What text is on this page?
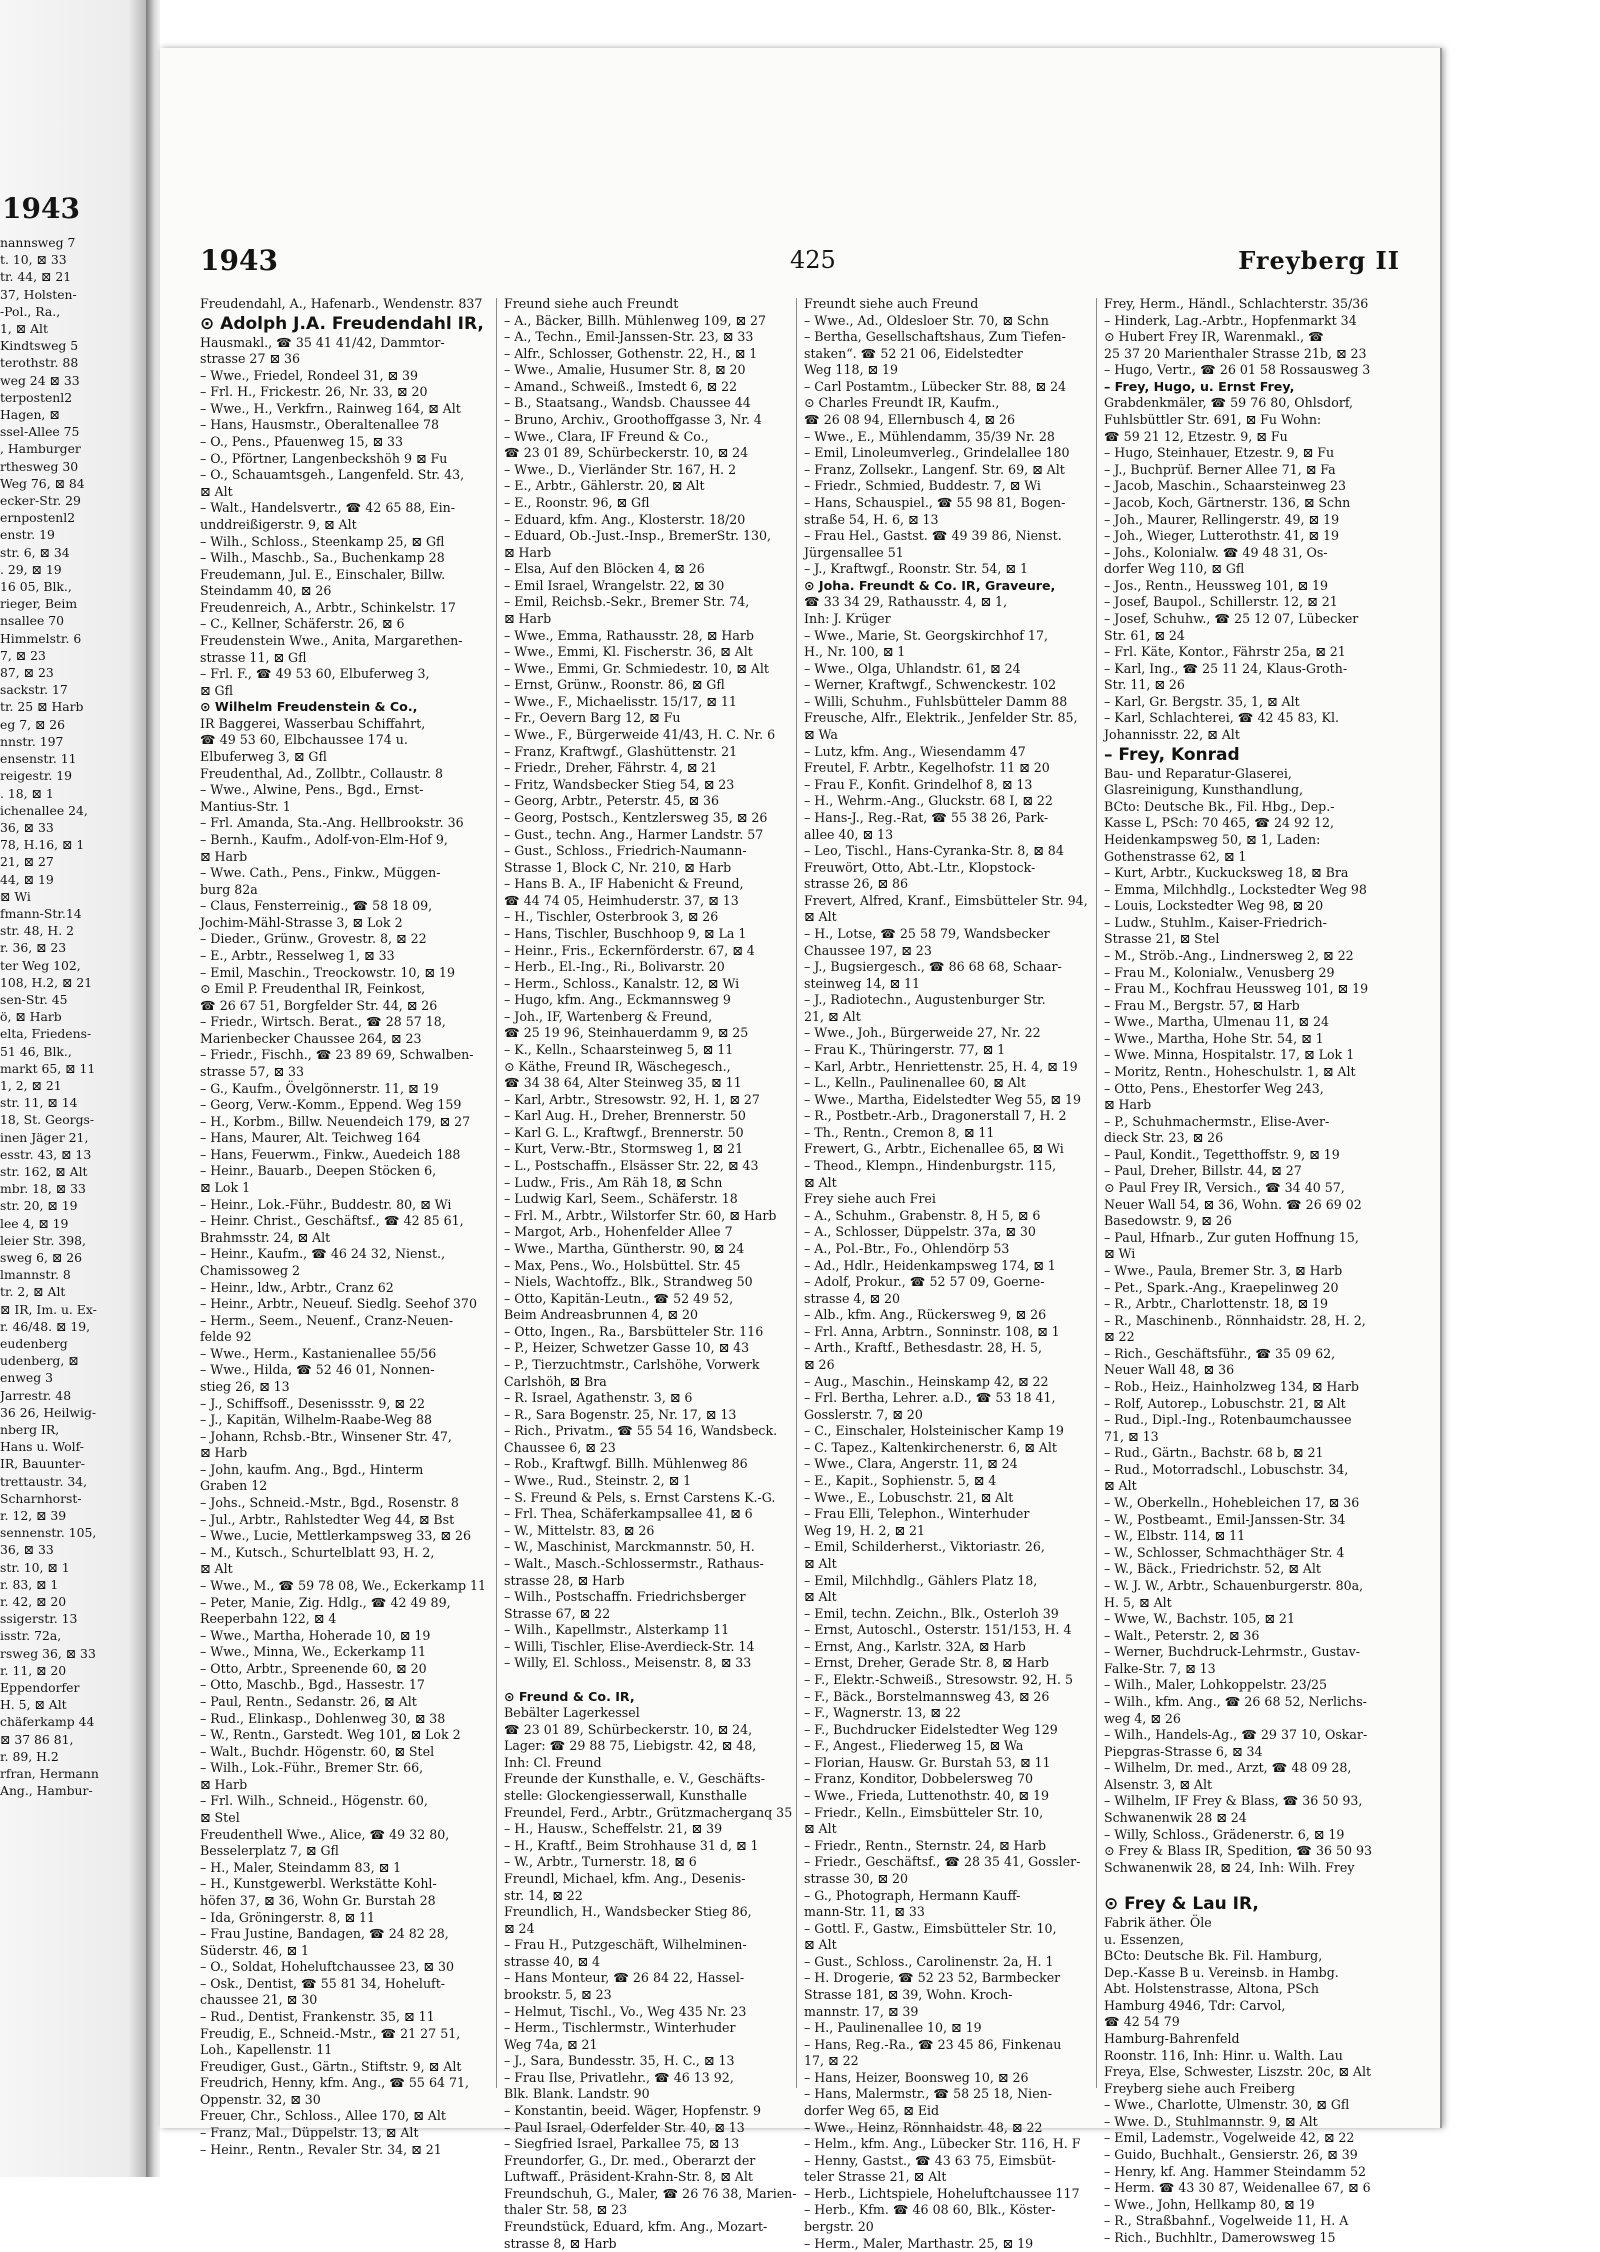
1943
nannsweg 7
t. 10, ⊠ 33
tr. 44, ⊠ 21
37, Holsten-
-Pol., Ra.,
1, ⊠ Alt
Kindtsweg 5
terothstr. 88
weg 24 ⊠ 33
terpostenl2
Hagen, ⊠
ssel-Allee 75
, Hamburger
rthesweg 30
Weg 76, ⊠ 84
ecker-Str. 29
ernpostenl2
enstr. 19
str. 6, ⊠ 34
. 29, ⊠ 19
16 05, Blk.,
rieger, Beim
nsallee 70
Himmelstr. 6
7, ⊠ 23
87, ⊠ 23
sackstr. 17
tr. 25 ⊠ Harb
eg 7, ⊠ 26
nnstr. 197
ensenstr. 11
reigestr. 19
. 18, ⊠ 1
ichenallee 24,
36, ⊠ 33
78, H.16, ⊠ 1
21, ⊠ 27
44, ⊠ 19
⊠ Wi
fmann-Str.14
str. 48, H. 2
r. 36, ⊠ 23
ter Weg 102,
108, H.2, ⊠ 21
sen-Str. 45
ö, ⊠ Harb
elta, Friedens-
51 46, Blk.,
markt 65, ⊠ 11
1, 2, ⊠ 21
str. 11, ⊠ 14
18, St. Georgs-
inen Jäger 21,
esstr. 43, ⊠ 13
str. 162, ⊠ Alt
mbr. 18, ⊠ 33
str. 20, ⊠ 19
lee 4, ⊠ 19
leier Str. 398,
sweg 6, ⊠ 26
lmannstr. 8
tr. 2, ⊠ Alt
⊠ IR, Im. u. Ex-
r. 46/48. ⊠ 19,
eudenberg
udenberg, ⊠
enweg 3
Jarrestr. 48
36 26, Heilwig-
nberg IR,
Hans u. Wolf-
IR, Bauunter-
trettaustr. 34,
Scharnhorst-
r. 12, ⊠ 39
sennenstr. 105,
36, ⊠ 33
str. 10, ⊠ 1
r. 83, ⊠ 1
r. 42, ⊠ 20
ssigerstr. 13
isstr. 72a,
rsweg 36, ⊠ 33
r. 11, ⊠ 20
Eppendorfer
H. 5, ⊠ Alt
chäferkamp 44
⊠ 37 86 81,
r. 89, H.2
rfran, Hermann
Ang., Hambur-
1943	425	Freyberg II
Freudendahl, A., Hafenarb., Wendenstr. 837
⊙ Adolph J.A. Freudendahl IR,
Hausmakl., ☎ 35 41 41/42, Dammtor-
strasse 27 ⊠ 36
– Wwe., Friedel, Rondeel 31, ⊠ 39
– Frl. H., Frickestr. 26, Nr. 33, ⊠ 20
– Wwe., H., Verkfrn., Rainweg 164, ⊠ Alt
– Hans, Hausmstr., Oberaltenallee 78
– O., Pens., Pfauenweg 15, ⊠ 33
– O., Pförtner, Langenbeckshöh 9 ⊠ Fu
– O., Schauamtsgeh., Langenfeld. Str. 43,
⊠ Alt
– Walt., Handelsvertr., ☎ 42 65 88, Ein-
unddreißigerstr. 9, ⊠ Alt
– Wilh., Schloss., Steenkamp 25, ⊠ Gfl
– Wilh., Maschb., Sa., Buchenkamp 28
Freudemann, Jul. E., Einschaler, Billw.
Steindamm 40, ⊠ 26
Freudenreich, A., Arbtr., Schinkelstr. 17
– C., Kellner, Schäferstr. 26, ⊠ 6
Freudenstein Wwe., Anita, Margarethen-
strasse 11, ⊠ Gfl
– Frl. F., ☎ 49 53 60, Elbuferweg 3,
⊠ Gfl
⊙ Wilhelm Freudenstein & Co.,
IR Baggerei, Wasserbau Schiffahrt,
☎ 49 53 60, Elbchaussee 174 u.
Elbuferweg 3, ⊠ Gfl
Freudenthal, Ad., Zollbtr., Collaustr. 8
– Wwe., Alwine, Pens., Bgd., Ernst-
Mantius-Str. 1
– Frl. Amanda, Sta.-Ang. Hellbrookstr. 36
– Bernh., Kaufm., Adolf-von-Elm-Hof 9,
⊠ Harb
– Wwe. Cath., Pens., Finkw., Müggen-
burg 82a
– Claus, Fensterreinig., ☎ 58 18 09,
Jochim-Mähl-Strasse 3, ⊠ Lok 2
– Dieder., Grünw., Grovestr. 8, ⊠ 22
– E., Arbtr., Resselweg 1, ⊠ 33
– Emil, Maschin., Treockowstr. 10, ⊠ 19
⊙ Emil P. Freudenthal IR, Feinkost,
☎ 26 67 51, Borgfelder Str. 44, ⊠ 26
– Friedr., Wirtsch. Berat., ☎ 28 57 18,
Marienbecker Chaussee 264, ⊠ 23
– Friedr., Fischh., ☎ 23 89 69, Schwalben-
strasse 57, ⊠ 33
– G., Kaufm., Övelgönnerstr. 11, ⊠ 19
– Georg, Verw.-Komm., Eppend. Weg 159
– H., Korbm., Billw. Neuendeich 179, ⊠ 27
– Hans, Maurer, Alt. Teichweg 164
– Hans, Feuerwm., Finkw., Auedeich 188
– Heinr., Bauarb., Deepen Stöcken 6,
⊠ Lok 1
– Heinr., Lok.-Führ., Buddestr. 80, ⊠ Wi
– Heinr. Christ., Geschäftsf., ☎ 42 85 61,
Brahmsstr. 24, ⊠ Alt
– Heinr., Kaufm., ☎ 46 24 32, Nienst.,
Chamissoweg 2
– Heinr., ldw., Arbtr., Cranz 62
– Heinr., Arbtr., Neueuf. Siedlg. Seehof 370
– Herm., Seem., Neuenf., Cranz-Neuen-
felde 92
– Wwe., Herm., Kastanienallee 55/56
– Wwe., Hilda, ☎ 52 46 01, Nonnen-
stieg 26, ⊠ 13
– J., Schiffsoff., Desenissstr. 9, ⊠ 22
– J., Kapitän, Wilhelm-Raabe-Weg 88
– Johann, Rchsb.-Btr., Winsener Str. 47,
⊠ Harb
– John, kaufm. Ang., Bgd., Hinterm
Graben 12
– Johs., Schneid.-Mstr., Bgd., Rosenstr. 8
– Jul., Arbtr., Rahlstedter Weg 44, ⊠ Bst
– Wwe., Lucie, Mettlerkampsweg 33, ⊠ 26
– M., Kutsch., Schurtelblatt 93, H. 2,
⊠ Alt
– Wwe., M., ☎ 59 78 08, We., Eckerkamp 11
– Peter, Manie, Zig. Hdlg., ☎ 42 49 89,
Reeperbahn 122, ⊠ 4
– Wwe., Martha, Hoherade 10, ⊠ 19
– Wwe., Minna, We., Eckerkamp 11
– Otto, Arbtr., Spreenende 60, ⊠ 20
– Otto, Maschb., Bgd., Hassestr. 17
– Paul, Rentn., Sedanstr. 26, ⊠ Alt
– Rud., Elinkasp., Dohlenweg 30, ⊠ 38
– W., Rentn., Garstedt. Weg 101, ⊠ Lok 2
– Walt., Buchdr. Högenstr. 60, ⊠ Stel
– Wilh., Lok.-Führ., Bremer Str. 66,
⊠ Harb
– Frl. Wilh., Schneid., Högenstr. 60,
⊠ Stel
Freudenthell Wwe., Alice, ☎ 49 32 80,
Besselerplatz 7, ⊠ Gfl
– H., Maler, Steindamm 83, ⊠ 1
– H., Kunstgewerbl. Werkstätte Kohl-
höfen 37, ⊠ 36, Wohn Gr. Burstah 28
– Ida, Gröningerstr. 8, ⊠ 11
– Frau Justine, Bandagen, ☎ 24 82 28,
Süderstr. 46, ⊠ 1
– O., Soldat, Hoheluftchaussee 23, ⊠ 30
– Osk., Dentist, ☎ 55 81 34, Hoheluft-
chaussee 21, ⊠ 30
– Rud., Dentist, Frankenstr. 35, ⊠ 11
Freudig, E., Schneid.-Mstr., ☎ 21 27 51,
Loh., Kapellenstr. 11
Freudiger, Gust., Gärtn., Stiftstr. 9, ⊠ Alt
Freudrich, Henny, kfm. Ang., ☎ 55 64 71,
Oppenstr. 32, ⊠ 30
Freuer, Chr., Schloss., Allee 170, ⊠ Alt
– Franz, Mal., Düppelstr. 13, ⊠ Alt
– Heinr., Rentn., Revaler Str. 34, ⊠ 21
Freund siehe auch Freundt
– A., Bäcker, Billh. Mühlenweg 109, ⊠ 27
– A., Techn., Emil-Janssen-Str. 23, ⊠ 33
– Alfr., Schlosser, Gothenstr. 22, H., ⊠ 1
– Wwe., Amalie, Husumer Str. 8, ⊠ 20
– Amand., Schweiß., Imstedt 6, ⊠ 22
– B., Staatsang., Wandsb. Chaussee 44
– Bruno, Archiv., Groothoffgasse 3, Nr. 4
– Wwe., Clara, IF Freund & Co.,
☎ 23 01 89, Schürbeckerstr. 10, ⊠ 24
– Wwe., D., Vierländer Str. 167, H. 2
– E., Arbtr., Gählerstr. 20, ⊠ Alt
– E., Roonstr. 96, ⊠ Gfl
– Eduard, kfm. Ang., Klosterstr. 18/20
– Eduard, Ob.-Just.-Insp., BremerStr. 130,
⊠ Harb
– Elsa, Auf den Blöcken 4, ⊠ 26
– Emil Israel, Wrangelstr. 22, ⊠ 30
– Emil, Reichsb.-Sekr., Bremer Str. 74,
⊠ Harb
– Wwe., Emma, Rathausstr. 28, ⊠ Harb
– Wwe., Emmi, Kl. Fischerstr. 36, ⊠ Alt
– Wwe., Emmi, Gr. Schmiedestr. 10, ⊠ Alt
– Ernst, Grünw., Roonstr. 86, ⊠ Gfl
– Wwe., F., Michaelisstr. 15/17, ⊠ 11
– Fr., Oevern Barg 12, ⊠ Fu
– Wwe., F., Bürgerweide 41/43, H. C. Nr. 6
– Franz, Kraftwgf., Glashüttenstr. 21
– Friedr., Dreher, Fährstr. 4, ⊠ 21
– Fritz, Wandsbecker Stieg 54, ⊠ 23
– Georg, Arbtr., Peterstr. 45, ⊠ 36
– Georg, Postsch., Kentzlersweg 35, ⊠ 26
– Gust., techn. Ang., Harmer Landstr. 57
– Gust., Schloss., Friedrich-Naumann-
Strasse 1, Block C, Nr. 210, ⊠ Harb
– Hans B. A., IF Habenicht & Freund,
☎ 44 74 05, Heimhuderstr. 37, ⊠ 13
– H., Tischler, Osterbrook 3, ⊠ 26
– Hans, Tischler, Buschhoop 9, ⊠ La 1
– Heinr., Fris., Eckernförderstr. 67, ⊠ 4
– Herb., El.-Ing., Ri., Bolivarstr. 20
– Herm., Schloss., Kanalstr. 12, ⊠ Wi
– Hugo, kfm. Ang., Eckmannsweg 9
– Joh., IF, Wartenberg & Freund,
☎ 25 19 96, Steinhauerdamm 9, ⊠ 25
– K., Kelln., Schaarsteinweg 5, ⊠ 11
⊙ Käthe, Freund IR, Wäschegesch.,
☎ 34 38 64, Alter Steinweg 35, ⊠ 11
– Karl, Arbtr., Stresowstr. 92, H. 1, ⊠ 27
– Karl Aug. H., Dreher, Brennerstr. 50
– Karl G. L., Kraftwgf., Brennerstr. 50
– Kurt, Verw.-Btr., Stormsweg 1, ⊠ 21
– L., Postschaffn., Elsässer Str. 22, ⊠ 43
– Ludw., Fris., Am Räh 18, ⊠ Schn
– Ludwig Karl, Seem., Schäferstr. 18
– Frl. M., Arbtr., Wilstorfer Str. 60, ⊠ Harb
– Margot, Arb., Hohenfelder Allee 7
– Wwe., Martha, Güntherstr. 90, ⊠ 24
– Max, Pens., Wo., Holsbüttel. Str. 45
– Niels, Wachtoffz., Blk., Strandweg 50
– Otto, Kapitän-Leutn., ☎ 52 49 52,
Beim Andreasbrunnen 4, ⊠ 20
– Otto, Ingen., Ra., Barsbütteler Str. 116
– P., Heizer, Schwetzer Gasse 10, ⊠ 43
– P., Tierzuchtmstr., Carlshöhe, Vorwerk
Carlshöh, ⊠ Bra
– R. Israel, Agathenstr. 3, ⊠ 6
– R., Sara Bogenstr. 25, Nr. 17, ⊠ 13
– Rich., Privatm., ☎ 55 54 16, Wandsbeck.
Chaussee 6, ⊠ 23
– Rob., Kraftwgf. Billh. Mühlenweg 86
– Wwe., Rud., Steinstr. 2, ⊠ 1
– S. Freund & Pels, s. Ernst Carstens K.-G.
– Frl. Thea, Schäferkampsallee 41, ⊠ 6
– W., Mittelstr. 83, ⊠ 26
– W., Maschinist, Marckmannstr. 50, H.
– Walt., Masch.-Schlossermstr., Rathaus-
strasse 28, ⊠ Harb
– Wilh., Postschaffn. Friedrichsberger
Strasse 67, ⊠ 22
– Wilh., Kapellmstr., Alsterkamp 11
– Willi, Tischler, Elise-Averdieck-Str. 14
– Willy, El. Schloss., Meisenstr. 8, ⊠ 33

⊙ Freund & Co. IR,
Bebälter Lagerkessel
☎ 23 01 89, Schürbeckerstr. 10, ⊠ 24,
Lager: ☎ 29 88 75, Liebigstr. 42, ⊠ 48,
Inh: Cl. Freund
Freunde der Kunsthalle, e. V., Geschäfts-
stelle: Glockengiesserwall, Kunsthalle
Freundel, Ferd., Arbtr., Grützmacherganq 35
– H., Hausw., Scheffelstr. 21, ⊠ 39
– H., Kraftf., Beim Strohhause 31 d, ⊠ 1
– W., Arbtr., Turnerstr. 18, ⊠ 6
Freundl, Michael, kfm. Ang., Desenis-
str. 14, ⊠ 22
Freundlich, H., Wandsbecker Stieg 86,
⊠ 24
– Frau H., Putzgeschäft, Wilhelminen-
strasse 40, ⊠ 4
– Hans Monteur, ☎ 26 84 22, Hassel-
brookstr. 5, ⊠ 23
– Helmut, Tischl., Vo., Weg 435 Nr. 23
– Herm., Tischlermstr., Winterhuder
Weg 74a, ⊠ 21
– J., Sara, Bundesstr. 35, H. C., ⊠ 13
– Frau Ilse, Privatlehr., ☎ 46 13 92,
Blk. Blank. Landstr. 90
– Konstantin, beeid. Wäger, Hopfenstr. 9
– Paul Israel, Oderfelder Str. 40, ⊠ 13
– Siegfried Israel, Parkallee 75, ⊠ 13
Freundorfer, G., Dr. med., Oberarzt der
Luftwaff., Präsident-Krahn-Str. 8, ⊠ Alt
Freundschuh, G., Maler, ☎ 26 76 38, Marien-
thaler Str. 58, ⊠ 23
Freundstück, Eduard, kfm. Ang., Mozart-
strasse 8, ⊠ Harb
Freundt siehe auch Freund
– Wwe., Ad., Oldesloer Str. 70, ⊠ Schn
– Bertha, Gesellschaftshaus, Zum Tiefen-
staken“. ☎ 52 21 06, Eidelstedter
Weg 118, ⊠ 19
– Carl Postamtm., Lübecker Str. 88, ⊠ 24
⊙ Charles Freundt IR, Kaufm.,
☎ 26 08 94, Ellernbusch 4, ⊠ 26
– Wwe., E., Mühlendamm, 35/39 Nr. 28
– Emil, Linoleumverleg., Grindelallee 180
– Franz, Zollsekr., Langenf. Str. 69, ⊠ Alt
– Friedr., Schmied, Buddestr. 7, ⊠ Wi
– Hans, Schauspiel., ☎ 55 98 81, Bogen-
straße 54, H. 6, ⊠ 13
– Frau Hel., Gastst. ☎ 49 39 86, Nienst.
Jürgensallee 51
– J., Kraftwgf., Roonstr. Str. 54, ⊠ 1
⊙ Joha. Freundt & Co. IR, Graveure,
☎ 33 34 29, Rathausstr. 4, ⊠ 1,
Inh: J. Krüger
– Wwe., Marie, St. Georgskirchhof 17,
H., Nr. 100, ⊠ 1
– Wwe., Olga, Uhlandstr. 61, ⊠ 24
– Werner, Kraftwgf., Schwenckestr. 102
– Willi, Schuhm., Fuhlsbütteler Damm 88
Freusche, Alfr., Elektrik., Jenfelder Str. 85,
⊠ Wa
– Lutz, kfm. Ang., Wiesendamm 47
Freutel, F. Arbtr., Kegelhofstr. 11 ⊠ 20
– Frau F., Konfit. Grindelhof 8, ⊠ 13
– H., Wehrm.-Ang., Gluckstr. 68 I, ⊠ 22
– Hans-J., Reg.-Rat, ☎ 55 38 26, Park-
allee 40, ⊠ 13
– Leo, Tischl., Hans-Cyranka-Str. 8, ⊠ 84
Freuwört, Otto, Abt.-Ltr., Klopstock-
strasse 26, ⊠ 86
Frevert, Alfred, Kranf., Eimsbütteler Str. 94,
⊠ Alt
– H., Lotse, ☎ 25 58 79, Wandsbecker
Chaussee 197, ⊠ 23
– J., Bugsiergesch., ☎ 86 68 68, Schaar-
steinweg 14, ⊠ 11
– J., Radiotechn., Augustenburger Str.
21, ⊠ Alt
– Wwe., Joh., Bürgerweide 27, Nr. 22
– Frau K., Thüringerstr. 77, ⊠ 1
– Karl, Arbtr., Henriettenstr. 25, H. 4, ⊠ 19
– L., Kelln., Paulinenallee 60, ⊠ Alt
– Wwe., Martha, Eidelstedter Weg 55, ⊠ 19
– R., Postbetr.-Arb., Dragonerstall 7, H. 2
– Th., Rentn., Cremon 8, ⊠ 11
Frewert, G., Arbtr., Eichenallee 65, ⊠ Wi
– Theod., Klempn., Hindenburgstr. 115,
⊠ Alt
Frey siehe auch Frei
– A., Schuhm., Grabenstr. 8, H 5, ⊠ 6
– A., Schlosser, Düppelstr. 37a, ⊠ 30
– A., Pol.-Btr., Fo., Ohlendörp 53
– Ad., Hdlr., Heidenkampsweg 174, ⊠ 1
– Adolf, Prokur., ☎ 52 57 09, Goerne-
strasse 4, ⊠ 20
– Alb., kfm. Ang., Rückersweg 9, ⊠ 26
– Frl. Anna, Arbtrn., Sonninstr. 108, ⊠ 1
– Arth., Kraftf., Bethesdastr. 28, H. 5,
⊠ 26
– Aug., Maschin., Heinskamp 42, ⊠ 22
– Frl. Bertha, Lehrer. a.D., ☎ 53 18 41,
Gosslerstr. 7, ⊠ 20
– C., Einschaler, Holsteinischer Kamp 19
– C. Tapez., Kaltenkirchenerstr. 6, ⊠ Alt
– Wwe., Clara, Angerstr. 11, ⊠ 24
– E., Kapit., Sophienstr. 5, ⊠ 4
– Wwe., E., Lobuschstr. 21, ⊠ Alt
– Frau Elli, Telephon., Winterhuder
Weg 19, H. 2, ⊠ 21
– Emil, Schilderherst., Viktoriastr. 26,
⊠ Alt
– Emil, Milchhdlg., Gählers Platz 18,
⊠ Alt
– Emil, techn. Zeichn., Blk., Osterloh 39
– Ernst, Autoschl., Osterstr. 151/153, H. 4
– Ernst, Ang., Karlstr. 32A, ⊠ Harb
– Ernst, Dreher, Gerade Str. 8, ⊠ Harb
– F., Elektr.-Schweiß., Stresowstr. 92, H. 5
– F., Bäck., Borstelmannsweg 43, ⊠ 26
– F., Wagnerstr. 13, ⊠ 22
– F., Buchdrucker Eidelstedter Weg 129
– F., Angest., Fliederweg 15, ⊠ Wa
– Florian, Hausw. Gr. Burstah 53, ⊠ 11
– Franz, Konditor, Dobbelersweg 70
– Wwe., Frieda, Luttenothstr. 40, ⊠ 19
– Friedr., Kelln., Eimsbütteler Str. 10,
⊠ Alt
– Friedr., Rentn., Sternstr. 24, ⊠ Harb
– Friedr., Geschäftsf., ☎ 28 35 41, Gossler-
strasse 30, ⊠ 20
– G., Photograph, Hermann Kauff-
mann-Str. 11, ⊠ 33
– Gottl. F., Gastw., Eimsbütteler Str. 10,
⊠ Alt
– Gust., Schloss., Carolinenstr. 2a, H. 1
– H. Drogerie, ☎ 52 23 52, Barmbecker
Strasse 181, ⊠ 39, Wohn. Kroch-
mannstr. 17, ⊠ 39
– H., Paulinenallee 10, ⊠ 19
– Hans, Reg.-Ra., ☎ 23 45 86, Finkenau
17, ⊠ 22
– Hans, Heizer, Boonsweg 10, ⊠ 26
– Hans, Malermstr., ☎ 58 25 18, Nien-
dorfer Weg 65, ⊠ Eid
– Wwe., Heinz, Rönnhaidstr. 48, ⊠ 22
– Helm., kfm. Ang., Lübecker Str. 116, H. F
– Henny, Gastst., ☎ 43 63 75, Eimsbüt-
teler Strasse 21, ⊠ Alt
– Herb., Lichtspiele, Hoheluftchaussee 117
– Herb., Kfm. ☎ 46 08 60, Blk., Köster-
bergstr. 20
– Herm., Maler, Marthastr. 25, ⊠ 19
Frey, Herm., Händl., Schlachterstr. 35/36
– Hinderk, Lag.-Arbtr., Hopfenmarkt 34
⊙ Hubert Frey IR, Warenmakl., ☎
25 37 20 Marienthaler Strasse 21b, ⊠ 23
– Hugo, Vertr., ☎ 26 01 58 Rossausweg 3
– Frey, Hugo, u. Ernst Frey,
Grabdenkmäler, ☎ 59 76 80, Ohlsdorf,
Fuhlsbüttler Str. 691, ⊠ Fu Wohn:
☎ 59 21 12, Etzestr. 9, ⊠ Fu
– Hugo, Steinhauer, Etzestr. 9, ⊠ Fu
– J., Buchprüf. Berner Allee 71, ⊠ Fa
– Jacob, Maschin., Schaarsteinweg 23
– Jacob, Koch, Gärtnerstr. 136, ⊠ Schn
– Joh., Maurer, Rellingerstr. 49, ⊠ 19
– Joh., Wieger, Lutterothstr. 41, ⊠ 19
– Johs., Kolonialw. ☎ 49 48 31, Os-
dorfer Weg 110, ⊠ Gfl
– Jos., Rentn., Heussweg 101, ⊠ 19
– Josef, Baupol., Schillerstr. 12, ⊠ 21
– Josef, Schuhw., ☎ 25 12 07, Lübecker
Str. 61, ⊠ 24
– Frl. Käte, Kontor., Fährstr 25a, ⊠ 21
– Karl, Ing., ☎ 25 11 24, Klaus-Groth-
Str. 11, ⊠ 26
– Karl, Gr. Bergstr. 35, 1, ⊠ Alt
– Karl, Schlachterei, ☎ 42 45 83, Kl.
Johannisstr. 22, ⊠ Alt
– Frey, Konrad
Bau- und Reparatur-Glaserei,
Glasreinigung, Kunsthandlung,
BCto: Deutsche Bk., Fil. Hbg., Dep.-
Kasse L, PSch: 70 465, ☎ 24 92 12,
Heidenkampsweg 50, ⊠ 1, Laden:
Gothenstrasse 62, ⊠ 1
– Kurt, Arbtr., Kuckucksweg 18, ⊠ Bra
– Emma, Milchhdlg., Lockstedter Weg 98
– Louis, Lockstedter Weg 98, ⊠ 20
– Ludw., Stuhlm., Kaiser-Friedrich-
Strasse 21, ⊠ Stel
– M., Ströb.-Ang., Lindnersweg 2, ⊠ 22
– Frau M., Kolonialw., Venusberg 29
– Frau M., Kochfrau Heussweg 101, ⊠ 19
– Frau M., Bergstr. 57, ⊠ Harb
– Wwe., Martha, Ulmenau 11, ⊠ 24
– Wwe., Martha, Hohe Str. 54, ⊠ 1
– Wwe. Minna, Hospitalstr. 17, ⊠ Lok 1
– Moritz, Rentn., Hoheschulstr. 1, ⊠ Alt
– Otto, Pens., Ehestorfer Weg 243,
⊠ Harb
– P., Schuhmachermstr., Elise-Aver-
dieck Str. 23, ⊠ 26
– Paul, Kondit., Tegetthoffstr. 9, ⊠ 19
– Paul, Dreher, Billstr. 44, ⊠ 27
⊙ Paul Frey IR, Versich., ☎ 34 40 57,
Neuer Wall 54, ⊠ 36, Wohn. ☎ 26 69 02
Basedowstr. 9, ⊠ 26
– Paul, Hfnarb., Zur guten Hoffnung 15,
⊠ Wi
– Wwe., Paula, Bremer Str. 3, ⊠ Harb
– Pet., Spark.-Ang., Kraepelinweg 20
– R., Arbtr., Charlottenstr. 18, ⊠ 19
– R., Maschinenb., Rönnhaidstr. 28, H. 2,
⊠ 22
– Rich., Geschäftsführ., ☎ 35 09 62,
Neuer Wall 48, ⊠ 36
– Rob., Heiz., Hainholzweg 134, ⊠ Harb
– Rolf, Autorep., Lobuschstr. 21, ⊠ Alt
– Rud., Dipl.-Ing., Rotenbaumchaussee
71, ⊠ 13
– Rud., Gärtn., Bachstr. 68 b, ⊠ 21
– Rud., Motorradschl., Lobuschstr. 34,
⊠ Alt
– W., Oberkelln., Hohebleichen 17, ⊠ 36
– W., Postbeamt., Emil-Janssen-Str. 34
– W., Elbstr. 114, ⊠ 11
– W., Schlosser, Schmachthäger Str. 4
– W., Bäck., Friedrichstr. 52, ⊠ Alt
– W. J. W., Arbtr., Schauenburgerstr. 80a,
H. 5, ⊠ Alt
– Wwe, W., Bachstr. 105, ⊠ 21
– Walt., Peterstr. 2, ⊠ 36
– Werner, Buchdruck-Lehrmstr., Gustav-
Falke-Str. 7, ⊠ 13
– Wilh., Maler, Lohkoppelstr. 23/25
– Wilh., kfm. Ang., ☎ 26 68 52, Nerlichs-
weg 4, ⊠ 26
– Wilh., Handels-Ag., ☎ 29 37 10, Oskar-
Piepgras-Strasse 6, ⊠ 34
– Wilhelm, Dr. med., Arzt, ☎ 48 09 28,
Alsenstr. 3, ⊠ Alt
– Wilhelm, IF Frey & Blass, ☎ 36 50 93,
Schwanenwik 28 ⊠ 24
– Willy, Schloss., Grädenerstr. 6, ⊠ 19
⊙ Frey & Blass IR, Spedition, ☎ 36 50 93
Schwanenwik 28, ⊠ 24, Inh: Wilh. Frey

⊙ Frey & Lau IR,
Fabrik äther. Öle
u. Essenzen,
BCto: Deutsche Bk. Fil. Hamburg,
Dep.-Kasse B u. Vereinsb. in Hambg.
Abt. Holstenstrasse, Altona, PSch
Hamburg 4946, Tdr: Carvol,
☎ 42 54 79
Hamburg-Bahrenfeld
Roonstr. 116, Inh: Hinr. u. Walth. Lau
Freya, Else, Schwester, Liszstr. 20c, ⊠ Alt
Freyberg siehe auch Freiberg
– Wwe., Charlotte, Ulmenstr. 30, ⊠ Gfl
– Wwe. D., Stuhlmannstr. 9, ⊠ Alt
– Emil, Lademstr., Vogelweide 42, ⊠ 22
– Guido, Buchhalt., Gensierstr. 26, ⊠ 39
– Henry, kf. Ang. Hammer Steindamm 52
– Herm. ☎ 43 30 87, Weidenallee 67, ⊠ 6
– Wwe., John, Hellkamp 80, ⊠ 19
– R., Straßbahnf., Vogelweide 11, H. A
– Rich., Buchhltr., Damerowsweg 15
